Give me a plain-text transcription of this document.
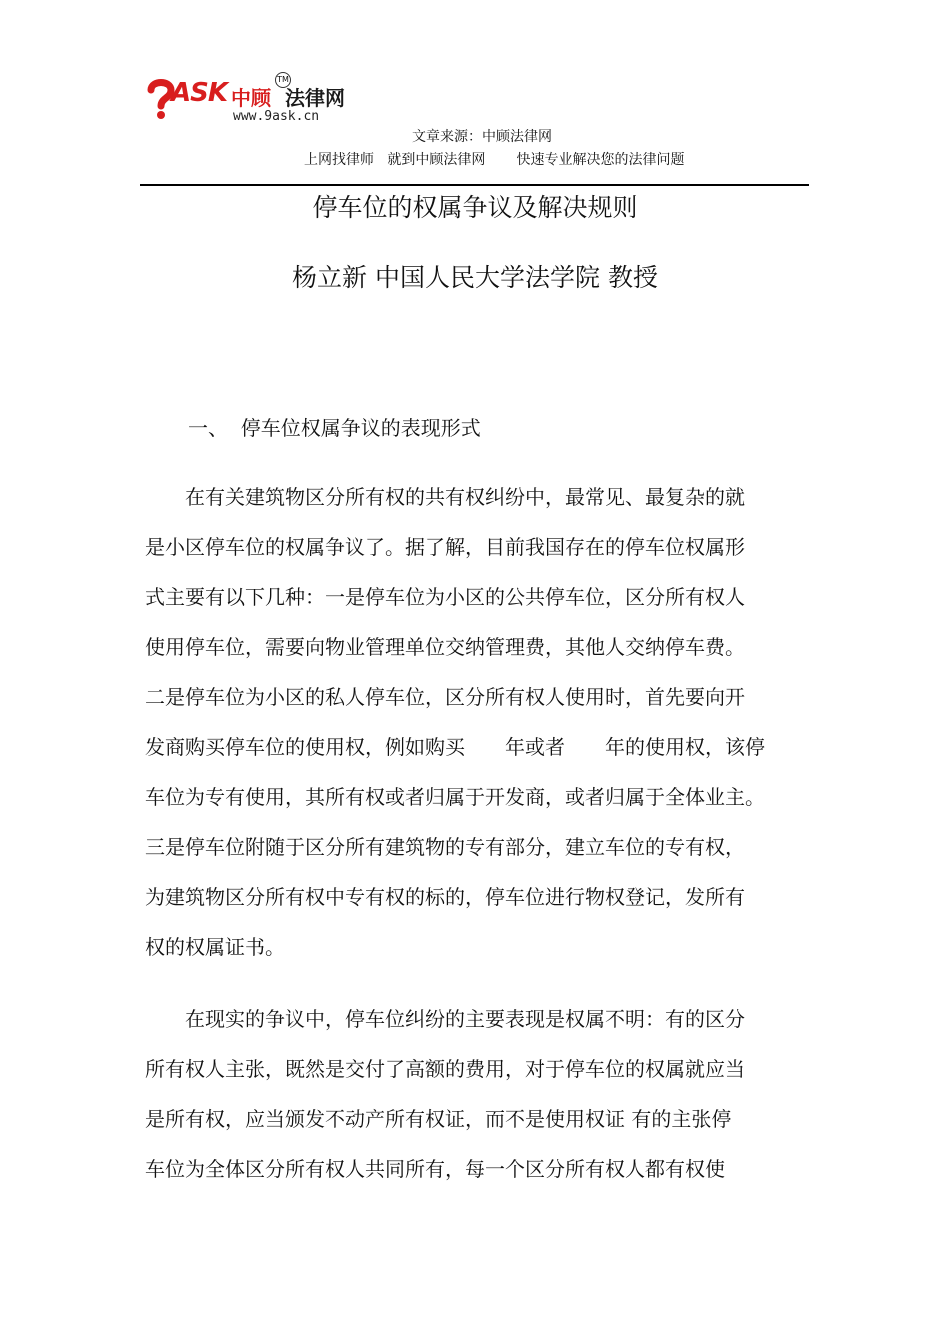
ASK 中顾
TM
法律网
www.9ask.cn
文章来源：中顾法律网
上网找律师   就到中顾法律网       快速专业解决您的法律问题
停车位的权属争议及解决规则
杨立新 中国人民大学法学院 教授
一、  停车位权属争议的表现形式
　　在有关建筑物区分所有权的共有权纠纷中，最常见、最复杂的就
是小区停车位的权属争议了。据了解，目前我国存在的停车位权属形
式主要有以下几种：一是停车位为小区的公共停车位，区分所有权人
使用停车位，需要向物业管理单位交纳管理费，其他人交纳停车费。
二是停车位为小区的私人停车位，区分所有权人使用时，首先要向开
发商购买停车位的使用权，例如购买　　年或者　　年的使用权，该停
车位为专有使用，其所有权或者归属于开发商，或者归属于全体业主。
三是停车位附随于区分所有建筑物的专有部分，建立车位的专有权，
为建筑物区分所有权中专有权的标的，停车位进行物权登记，发所有
权的权属证书。
　　在现实的争议中，停车位纠纷的主要表现是权属不明：有的区分
所有权人主张，既然是交付了高额的费用，对于停车位的权属就应当
是所有权，应当颁发不动产所有权证，而不是使用权证 有的主张停
车位为全体区分所有权人共同所有，每一个区分所有权人都有权使
